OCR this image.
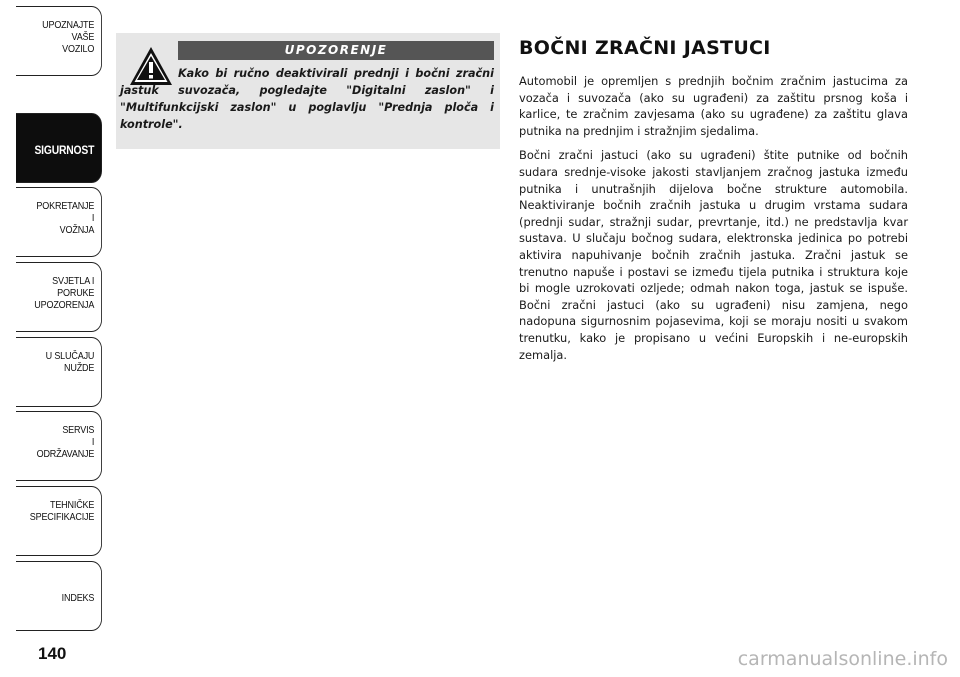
UPOZNAJTE
VAŠE
VOZILO
SIGURNOST
POKRETANJE
I
VOŽNJA
SVJETLA I
PORUKE
UPOZORENJA
U SLUČAJU
NUŽDE
SERVIS
I
ODRŽAVANJE
TEHNIČKE
SPECIFIKACIJE
INDEKS
140
UPOZORENJE
Kako bi ručno deaktivirali prednji i bočni zračni jastuk suvozača, pogledajte "Digitalni zaslon" i "Multifunkcijski zaslon" u poglavlju "Prednja ploča i kontrole".
BOČNI ZRAČNI JASTUCI

Automobil je opremljen s prednjih bočnim zračnim jastucima za vozača i suvozača (ako su ugrađeni) za zaštitu prsnog koša i karlice, te zračnim zavjesama (ako su ugrađene) za zaštitu glava putnika na prednjim i stražnjim sjedalima.

Bočni zračni jastuci (ako su ugrađeni) štite putnike od bočnih sudara srednje-visoke jakosti stavljanjem zračnog jastuka između putnika i unutrašnjih dijelova bočne strukture automobila. Neaktiviranje bočnih zračnih jastuka u drugim vrstama sudara (prednji sudar, stražnji sudar, prevrtanje, itd.) ne predstavlja kvar sustava. U slučaju bočnog sudara, elektronska jedinica po potrebi aktivira napuhivanje bočnih zračnih jastuka. Zračni jastuk se trenutno napuše i postavi se između tijela putnika i struktura koje bi mogle uzrokovati ozljede; odmah nakon toga, jastuk se ispuše. Bočni zračni jastuci (ako su ugrađeni) nisu zamjena, nego nadopuna sigurnosnim pojasevima, koji se moraju nositi u svakom trenutku, kako je propisano u većini Europskih i ne-europskih zemalja.

carmanualsonline.info
